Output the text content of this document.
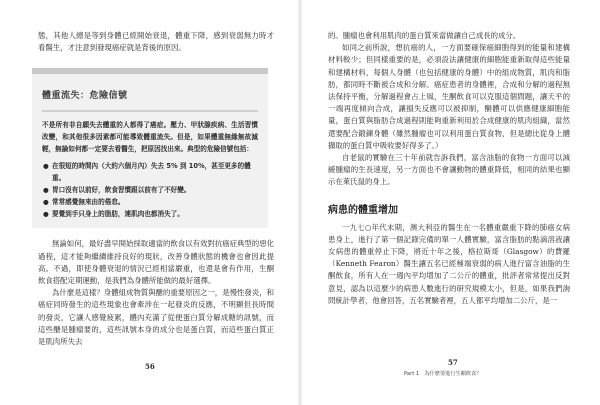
態，其他人總是等到身體已經開始衰退，體重下降，感到衰弱無力時才看醫生，才注意到發現癌症就是背後的原因。

體重流失：危險信號
不是所有非自願失去體重的人都得了癌症。壓力、甲狀腺疾病、生活習慣改變，和其他很多因素都可能導致體重流失。但是，如果體重無緣無故減輕，無論如何都一定要去看醫生，把原因找出來。典型的危險信號包括：
● 在很短的時間內（大約六個月內）失去 5% 到 10%，甚至更多的體重。
● 胃口沒有以前好，飲食習慣跟以前有了不好變。
● 常常感覺無來由的倦怠。
● 要覺到手只身上的脂肪，連肌肉也都消失了。

無論如何，最好盡早開始採取適當的飲食以有效對抗癌症典型的惡化過程，這才能夠繼續維持良好的現狀，改善身體狀態的機會也會因此提高。不過，即使身體衰退的情況已經相當嚴重，也還是會有作用，生酮飲食搭配定期運動，是我們為身體所能做的最好選擇。

為什麼是這樣？身體組成物質與醣的重要原因之一，是慢性發炎，和癌症同時發生的這些現象也會牽涉在一起發炎的反應，不明顯但長時間的發炎，它讓人感覺疲累，體內充滿了從便蛋白質分解成糖的訊號，而這些醣是腫瘤要的，這些訊號本身的成分也是蛋白質，而這些蛋白質正是肌肉所失去

56

的。腫瘤也會利用肌肉的蛋白質來當做讓自己成長的成分。

如同之前所說，想抗癌的人，一方面要確保癌細胞得到的能量和建構材料較少；但同樣重要的是，必須設法讓健康的細胞能重新取得這些能量和建構材料，每個人身體（也包括健康的身體）中的組成物質，肌肉和脂肪，都同時不斷被合成和分解。癌症患者的身體裡，合成和分解的過程無法保持平衡，分解過程會占上風，生酮飲食可以克服這個問題，讓天平的一端再度傾向合成，讓損失反應可以被抑制，酮體可以供應健康細胞能量，蛋白質與脂肪合成過程則能夠重新利用於合成健康的肌肉組織，當然還要配合鍛鍊身體（雖然腫瘤也可以利用蛋白質食物，但是總比從身上體擷取的蛋白質中吸收要好得多了。）

自老鼠的實驗在三十年前就告訴我們，富含油脂的食物一方面可以減緩腫瘤的生長速度，另一方面也不會讓動物的體重降低，相同的結果也顯示在萊氏鼠的身上。

病患的體重增加

一九七○年代末期，澳大利亞的醫生在一名體重嚴重下降的肺癌女病患身上，進行了第一個記錄完備的單一人體實驗，富含脂肪的點滴溶液讓女病患的體重停止下降，將近十年之後，格拉斯哥（Glasgow）的費羅（Kenneth Fearon）醫生讓五名已經極端衰弱的病人進行富含油脂的生酮飲食，所有人在一週內平均增加了二公斤的體重，批評者常常提出反對意見，認為以這麼少的病患人數進行的研究規模太小，但是，如果我們詢問統計學者，他會回答，五名實驗者裡，五人都平均增加二公斤，是一

57
Part 1　為什麼要進行生酮飲食？
